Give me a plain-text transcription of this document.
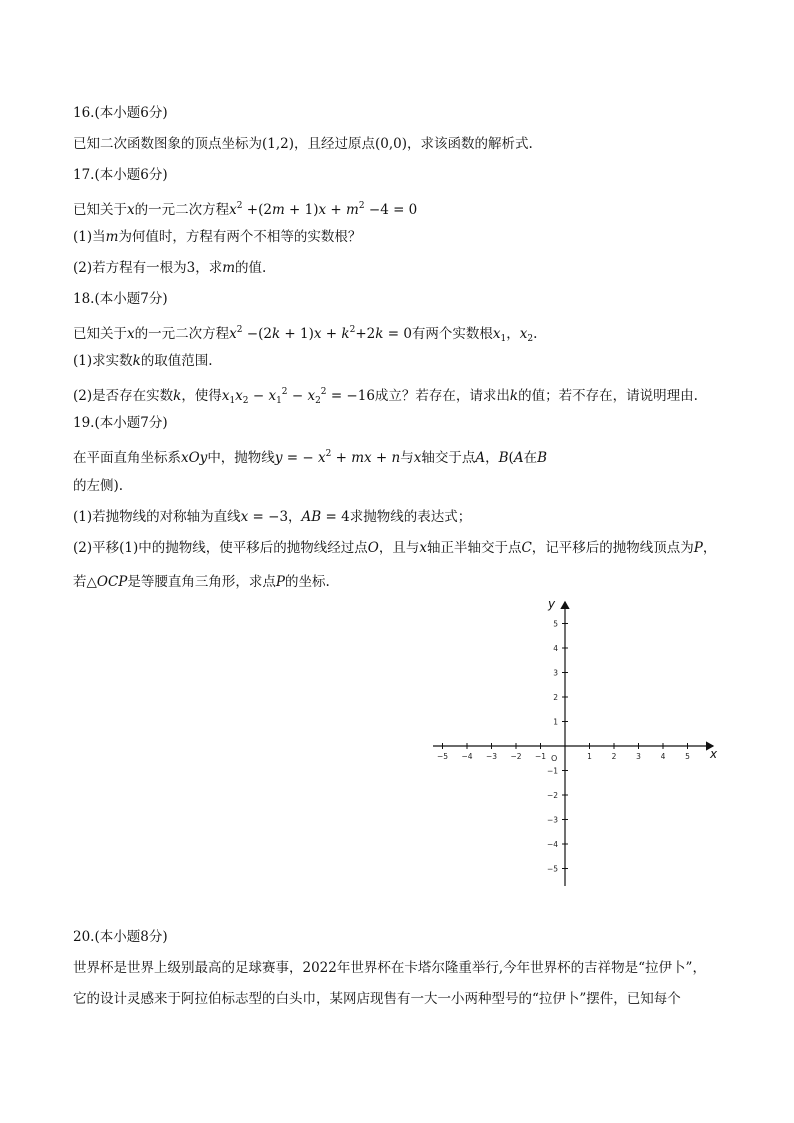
16.(本小题6分)
已知二次函数图象的顶点坐标为(1,2)，且经过原点(0,0)，求该函数的解析式.
17.(本小题6分)
已知关于x的一元二次方程$x^2 +(2m + 1)x + m^2 -4 = 0$
(1)当m为何值时，方程有两个不相等的实数根？
(2)若方程有一根为3，求m的值.
18.(本小题7分)
已知关于x的一元二次方程$x^2 -(2k + 1)x + k^2+2k = 0$有两个实数根$x_1$，$x_2$.
(1)求实数k的取值范围.
(2)是否存在实数k，使得$x_1x_2 - x_1^2 - x_2^2 = -16$成立？若存在，请求出k的值；若不存在，请说明理由.
19.(本小题7分)
在平面直角坐标系xOy中，抛物线y = − $x^2$ + mx + n与x轴交于点A，B(A在B
的左侧).
(1)若抛物线的对称轴为直线x = −3，AB = 4求抛物线的表达式；
(2)平移(1)中的抛物线，使平移后的抛物线经过点O，且与x轴正半轴交于点C，记平移后的抛物线顶点为P，
若△OCP是等腰直角三角形，求点P的坐标.
−5 −4 −3 −2 −1	1	2	3	4	5
5
4
3
2
1
−1
−2
−3
−4
−5
x
y
O
20.(本小题8分)
世界杯是世界上级别最高的足球赛事，2022年世界杯在卡塔尔隆重举行,今年世界杯的吉祥物是“拉伊卜”，
它的设计灵感来于阿拉伯标志型的白头巾，某网店现售有一大一小两种型号的“拉伊卜”摆件，已知每个
